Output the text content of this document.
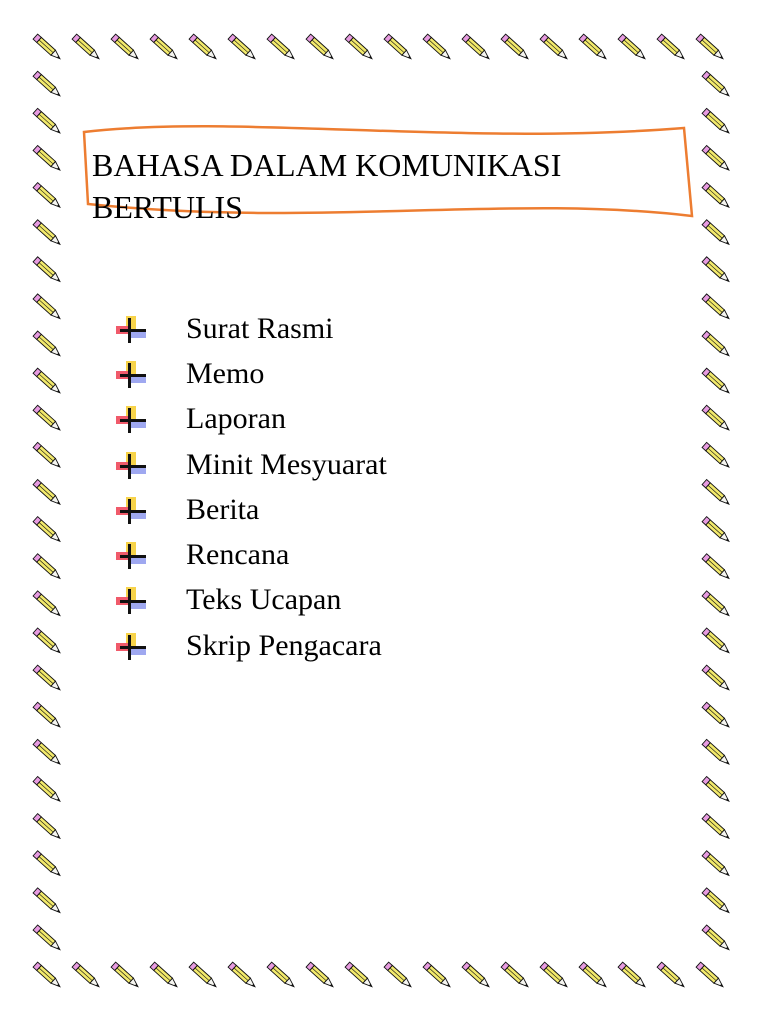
BAHASA DALAM KOMUNIKASI BERTULIS
Surat Rasmi
Memo
Laporan
Minit Mesyuarat
Berita
Rencana
Teks Ucapan
Skrip Pengacara
